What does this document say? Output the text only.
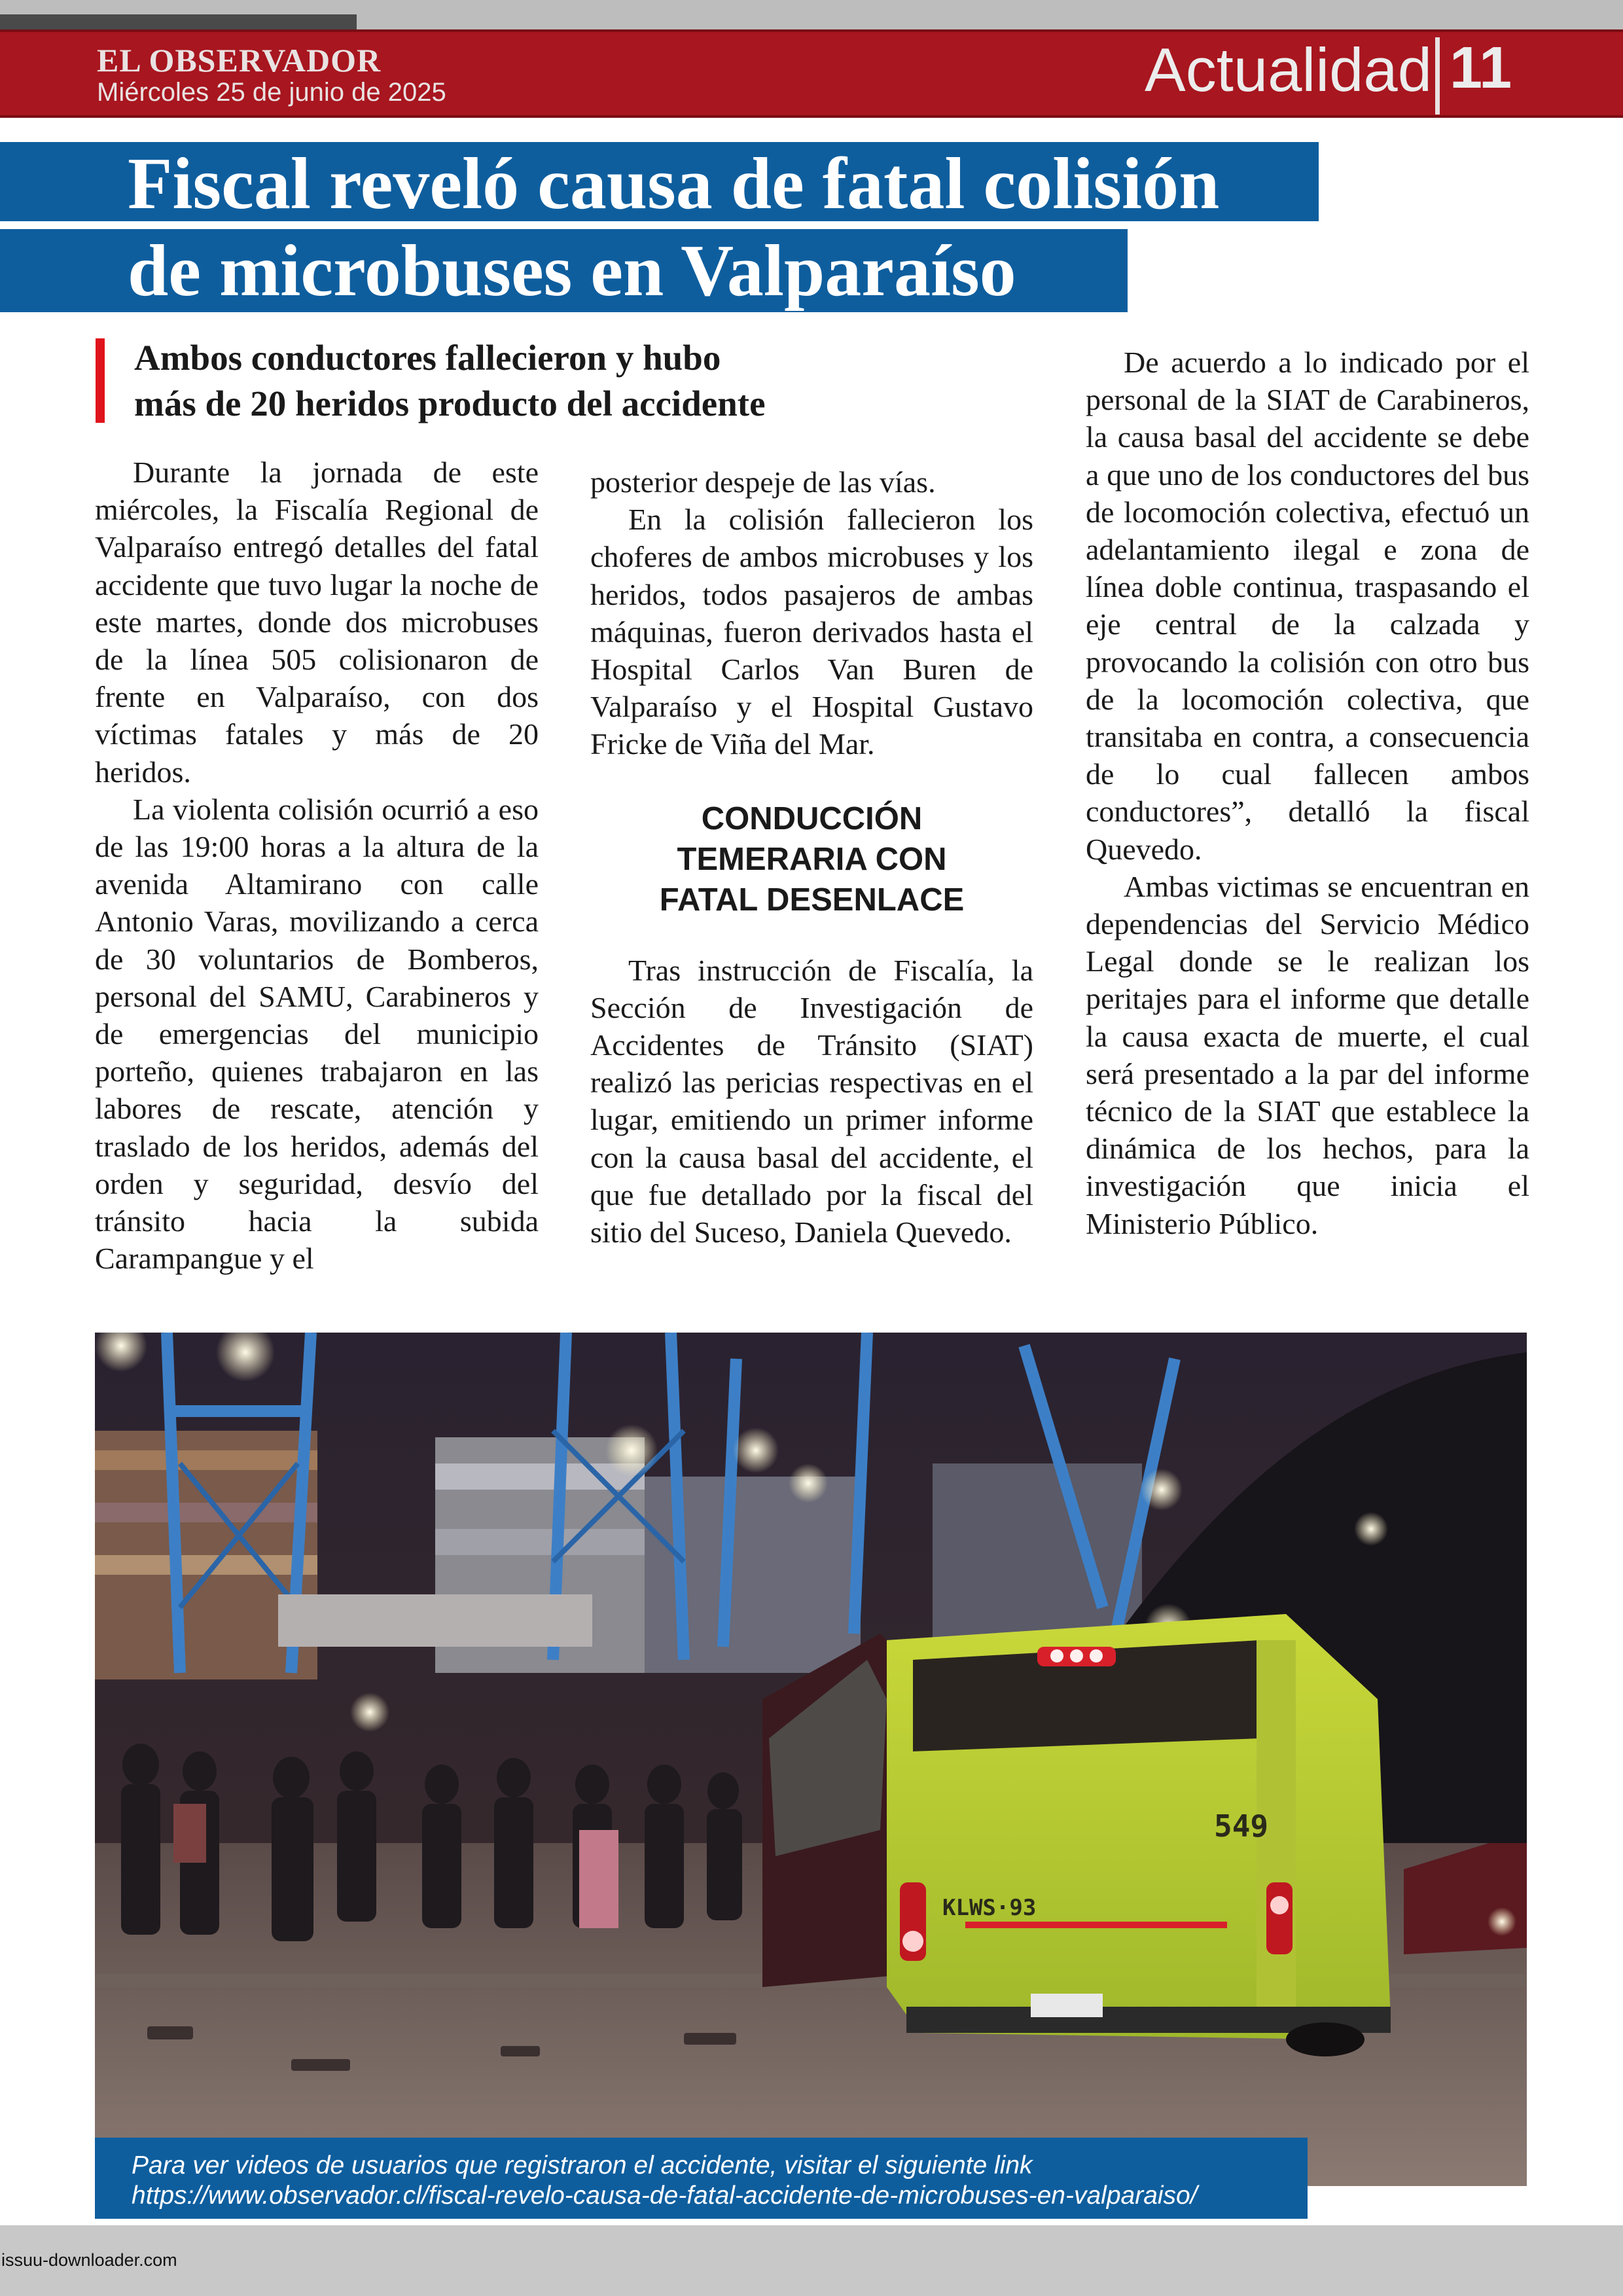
EL OBSERVADOR
Miércoles 25 de junio de 2025	Actualidad 11
Fiscal reveló causa de fatal colisión
de microbuses en Valparaíso
Ambos conductores fallecieron y hubo
más de 20 heridos producto del accidente

Durante la jornada de este miércoles, la Fiscalía Regional de Valparaíso entregó detalles del fatal accidente que tuvo lugar la noche de este martes, donde dos microbuses de la línea 505 colisionaron de frente en Valparaíso, con dos víctimas fatales y más de 20 heridos.

La violenta colisión ocurrió a eso de las 19:00 horas a la altura de la avenida Altamirano con calle Antonio Varas, movilizando a cerca de 30 voluntarios de Bomberos, personal del SAMU, Carabineros y de emergencias del municipio porteño, quienes trabajaron en las labores de rescate, atención y traslado de los heridos, además del orden y seguridad, desvío del tránsito hacia la subida Carampangue y el

posterior despeje de las vías.

En la colisión fallecieron los choferes de ambos microbuses y los heridos, todos pasajeros de ambas máquinas, fueron derivados hasta el Hospital Carlos Van Buren de Valparaíso y el Hospital Gustavo Fricke de Viña del Mar.

CONDUCCIÓN
TEMERARIA CON
FATAL DESENLACE

Tras instrucción de Fiscalía, la Sección de Investigación de Accidentes de Tránsito (SIAT) realizó las pericias respectivas en el lugar, emitiendo un primer informe con la causa basal del accidente, el que fue detallado por la fiscal del sitio del Suceso, Daniela Quevedo.

De acuerdo a lo indicado por el personal de la SIAT de Carabineros, la causa basal del accidente se debe a que uno de los conductores del bus de locomoción colectiva, efectuó un adelantamiento ilegal e zona de línea doble continua, traspasando el eje central de la calzada y provocando la colisión con otro bus de la locomoción colectiva, que transitaba en contra, a consecuencia de lo cual fallecen ambos conductores”, detalló la fiscal Quevedo.

Ambas victimas se encuentran en dependencias del Servicio Médico Legal donde se le realizan los peritajes para el informe que detalle la causa exacta de muerte, el cual será presentado a la par del informe técnico de la SIAT que establece la dinámica de los hechos, para la investigación que inicia el Ministerio Público.

549
KLWS·93
Para ver videos de usuarios que registraron el accidente, visitar el siguiente link
https://www.observador.cl/fiscal-revelo-causa-de-fatal-accidente-de-microbuses-en-valparaiso/
issuu-downloader.com
